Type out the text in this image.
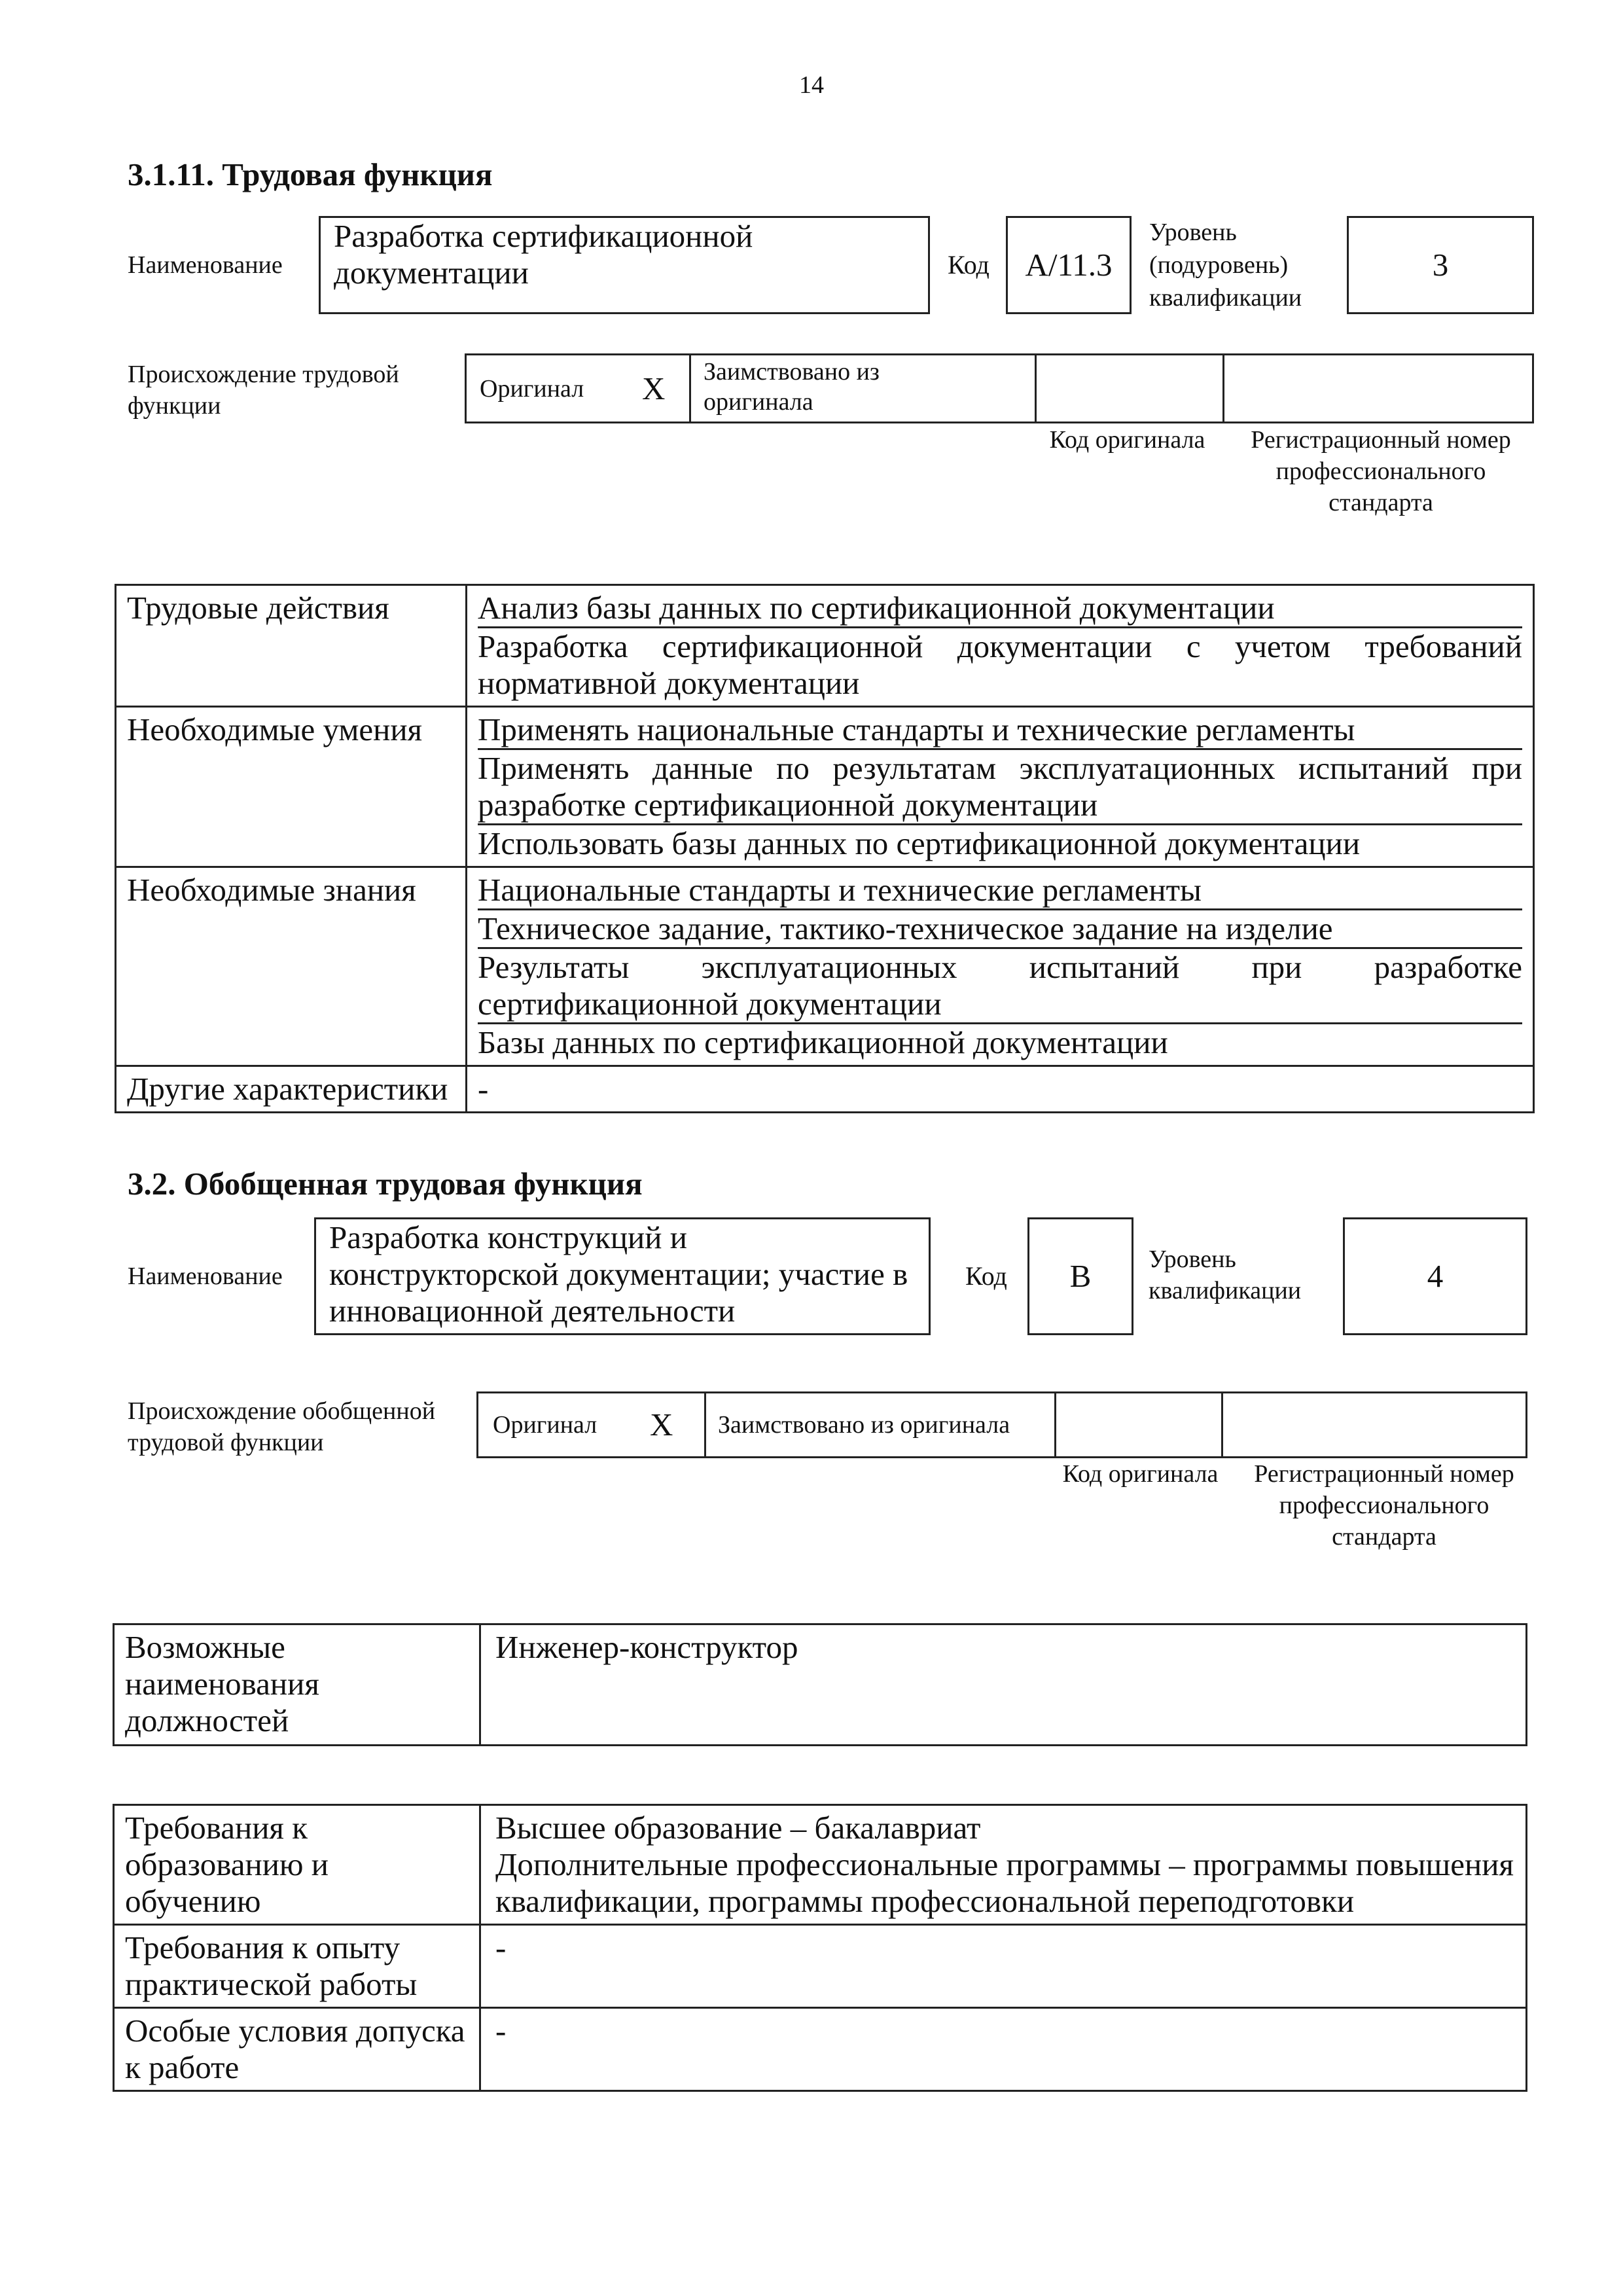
14
3.1.11. Трудовая функция
Наименование
Разработка сертификационной документации	Код	А/11.3
Уровень (подуровень) квалификации
3
Происхождение трудовой функции
Оригинал X Заимствовано из оригинала
Код оригинала	Регистрационный номер профессионального стандарта
Трудовые действия	Анализ базы данных по сертификационной документации
Разработка сертификационной документации с учетом требований нормативной документации

Необходимые умения	Применять национальные стандарты и технические регламенты
Применять данные по результатам эксплуатационных испытаний при разработке сертификационной документации
Использовать базы данных по сертификационной документации

Необходимые знания	Национальные стандарты и технические регламенты
Техническое задание, тактико-техническое задание на изделие
Результаты эксплуатационных испытаний при разработке сертификационной документации
Базы данных по сертификационной документации

Другие характеристики	-
3.2. Обобщенная трудовая функция
Наименование
Разработка конструкций и конструкторской документации; участие в инновационной деятельности
Код	В	Уровень квалификации	4
Происхождение обобщенной трудовой функции
Оригинал X Заимствовано из оригинала
Код оригинала	Регистрационный номер профессионального стандарта
Возможные наименования должностей	Инженер-конструктор
Требования к образованию и обучению	Высшее образование – бакалавриат
Дополнительные профессиональные программы – программы повышения квалификации, программы профессиональной переподготовки

Требования к опыту практической работы	-
Особые условия допуска к работе	-
